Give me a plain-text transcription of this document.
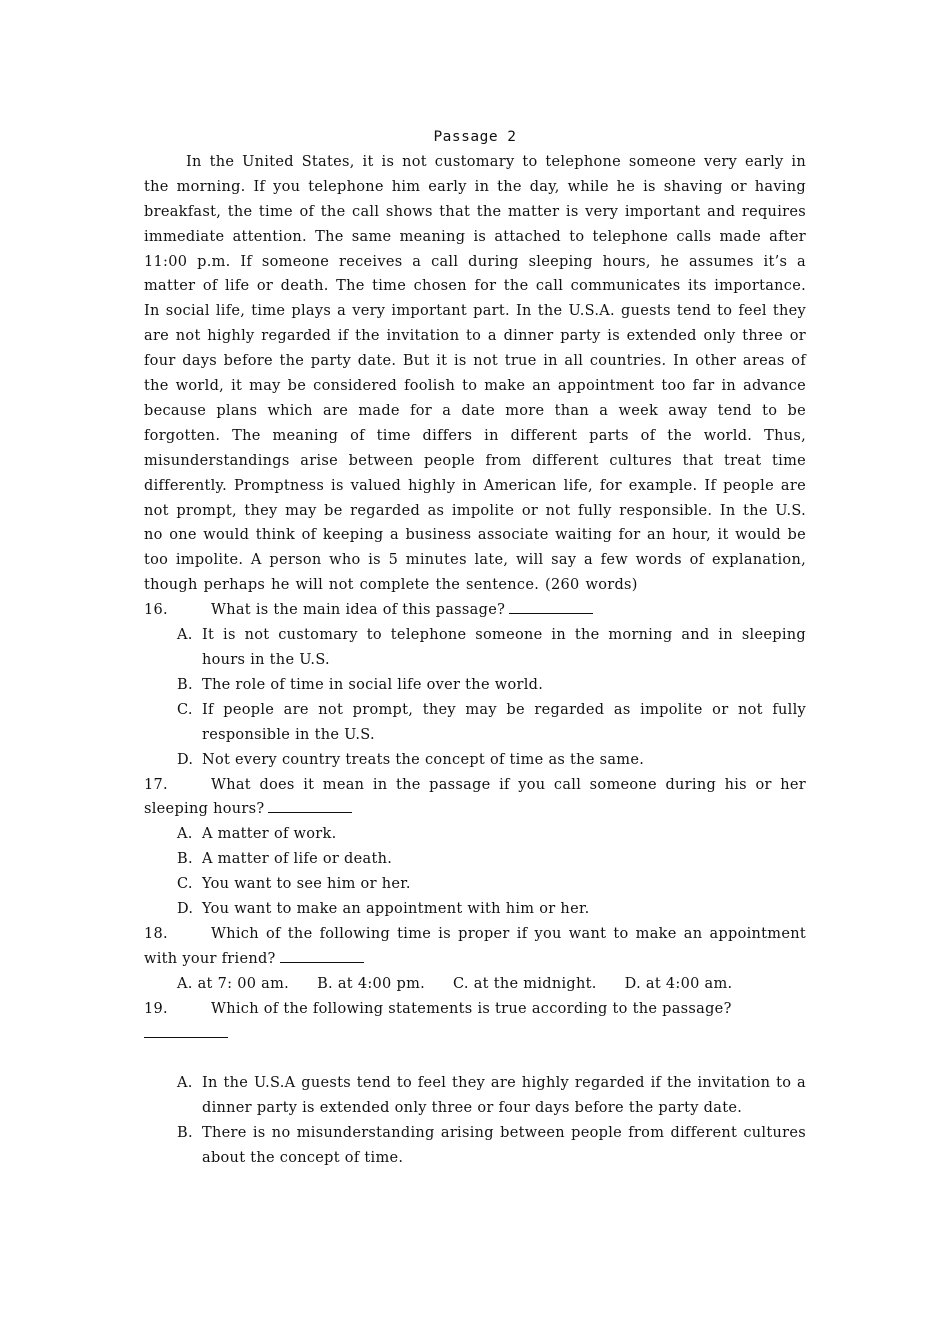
Passage 2
In the United States, it is not customary to telephone someone very early in the morning. If you telephone him early in the day, while he is shaving or having breakfast, the time of the call shows that the matter is very important and requires immediate attention. The same meaning is attached to telephone calls made after 11:00 p.m. If someone receives a call during sleeping hours, he assumes it’s a matter of life or death. The time chosen for the call communicates its importance. In social life, time plays a very important part. In the U.S.A. guests tend to feel they are not highly regarded if the invitation to a dinner party is extended only three or four days before the party date. But it is not true in all countries. In other areas of the world, it may be considered foolish to make an appointment too far in advance because plans which are made for a date more than a week away tend to be forgotten. The meaning of time differs in different parts of the world. Thus, misunderstandings arise between people from different cultures that treat time differently. Promptness is valued highly in American life, for example. If people are not prompt, they may be regarded as impolite or not fully responsible. In the U.S. no one would think of keeping a business associate waiting for an hour, it would be too impolite. A person who is 5 minutes late, will say a few words of explanation, though perhaps he will not complete the sentence. (260 words)
16.	What is the main idea of this passage?
A. It is not customary to telephone someone in the morning and in sleeping hours in the U.S.
B. The role of time in social life over the world.
C. If people are not prompt, they may be regarded as impolite or not fully responsible in the U.S.
D. Not every country treats the concept of time as the same.
17.	What does it mean in the passage if you call someone during his or her sleeping hours?
A. A matter of work.
B. A matter of life or death.
C. You want to see him or her.
D. You want to make an appointment with him or her.
18.	Which of the following time is proper if you want to make an appointment with your friend?
A. at 7: 00 am. B. at 4:00 pm. C. at the midnight. D. at 4:00 am.
19.	Which of the following statements is true according to the passage?

A. In the U.S.A guests tend to feel they are highly regarded if the invitation to a dinner party is extended only three or four days before the party date.
B. There is no misunderstanding arising between people from different cultures about the concept of time.
